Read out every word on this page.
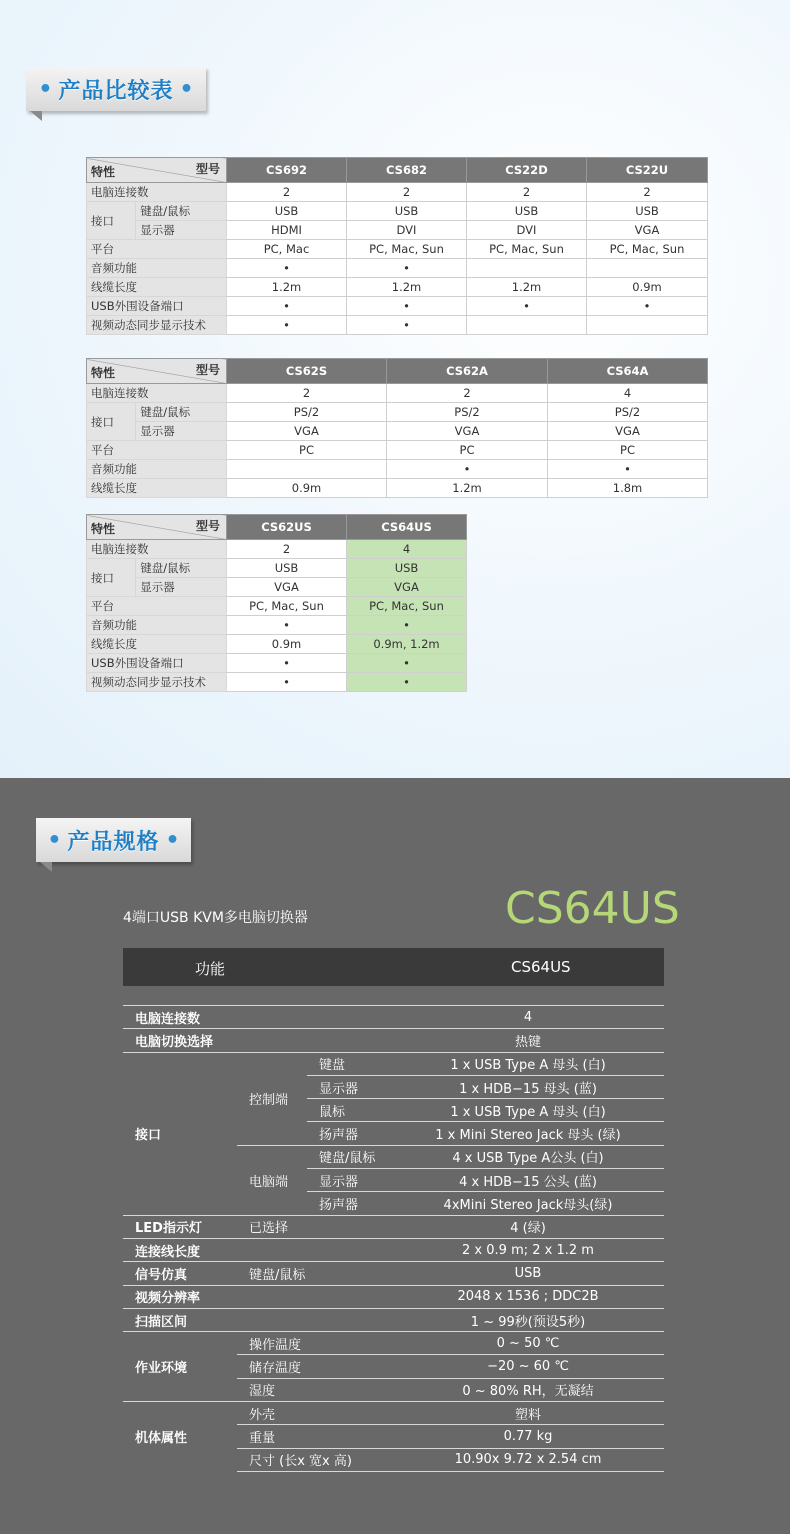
• 产品比较表 •
特性 型号		CS692	CS682	CS22D	CS22U
电脑连接数		2	2	2	2
接口	键盘/鼠标	USB	USB	USB	USB
	显示器	HDMI	DVI	DVI	VGA
平台		PC, Mac	PC, Mac, Sun	PC, Mac, Sun	PC, Mac, Sun
音频功能		•	•		
线缆长度		1.2m	1.2m	1.2m	0.9m
USB外围设备端口		•	•	•	•
视频动态同步显示技术		•	•		
特性 型号		CS62S	CS62A	CS64A
电脑连接数		2	2	4
接口	键盘/鼠标	PS/2	PS/2	PS/2
	显示器	VGA	VGA	VGA
平台		PC	PC	PC
音频功能			•	•
线缆长度		0.9m	1.2m	1.8m
特性 型号		CS62US	CS64US
电脑连接数		2	4
接口	键盘/鼠标	USB	USB
	显示器	VGA	VGA
平台		PC, Mac, Sun	PC, Mac, Sun
音频功能		•	•
线缆长度		0.9m	0.9m, 1.2m
USB外围设备端口		•	•
视频动态同步显示技术		•	•
• 产品规格 •
4端口USB KVM多电脑切换器	CS64US
功能	CS64US
电脑连接数			4
电脑切换选择			热键
接口	控制端	键盘	1 x USB Type A 母头 (白)
		显示器	1 x HDB−15 母头 (蓝)
		鼠标	1 x USB Type A 母头 (白)
		扬声器	1 x Mini Stereo Jack 母头 (绿)
	电脑端	键盘/鼠标	4 x USB Type A公头 (白)
		显示器	4 x HDB−15 公头 (蓝)
		扬声器	4xMini Stereo Jack母头(绿)
LED指示灯	已选择		4 (绿)
连接线长度			2 x 0.9 m; 2 x 1.2 m
信号仿真	键盘/鼠标		USB
视频分辨率			2048 x 1536 ; DDC2B
扫描区间			1 ~ 99秒(预设5秒)
作业环境	操作温度		0 ~ 50 ℃
	储存温度		−20 ~ 60 ℃
	湿度		0 ~ 80% RH，无凝结
机体属性	外壳		塑料
	重量		0.77 kg
	尺寸 (长x 宽x 高)		10.90x 9.72 x 2.54 cm
